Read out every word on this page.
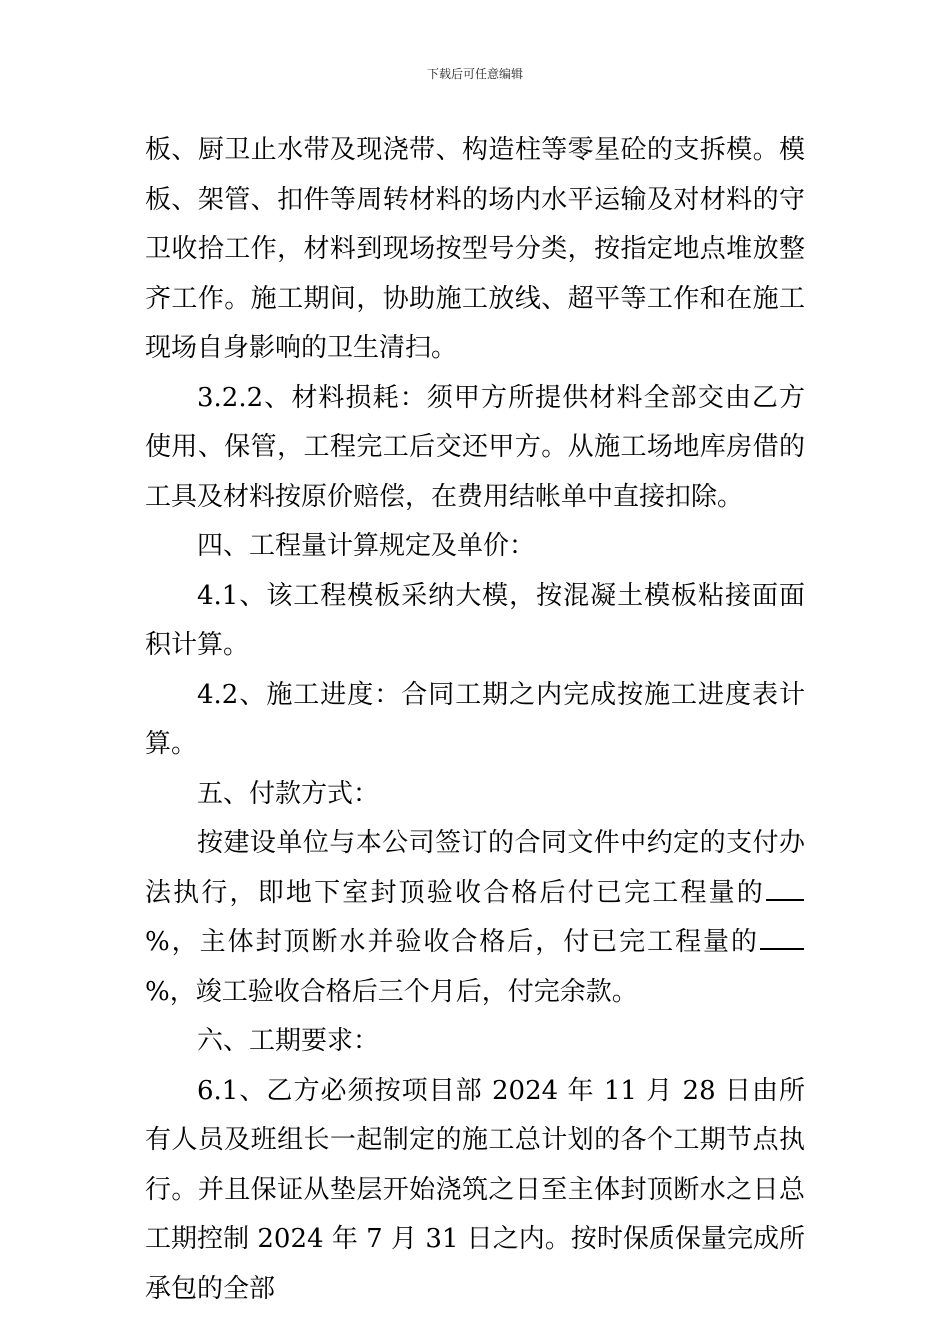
下载后可任意编辑

板、厨卫止水带及现浇带、构造柱等零星砼的支拆模。模板、架管、扣件等周转材料的场内水平运输及对材料的守卫收拾工作，材料到现场按型号分类，按指定地点堆放整齐工作。施工期间，协助施工放线、超平等工作和在施工现场自身影响的卫生清扫。

3.2.2、材料损耗：须甲方所提供材料全部交由乙方使用、保管，工程完工后交还甲方。从施工场地库房借的工具及材料按原价赔偿，在费用结帐单中直接扣除。

四、工程量计算规定及单价：

4.1、该工程模板采纳大模，按混凝土模板粘接面面积计算。

4.2、施工进度：合同工期之内完成按施工进度表计算。

五、付款方式：

按建设单位与本公司签订的合同文件中约定的支付办法执行，即地下室封顶验收合格后付已完工程量的%，主体封顶断水并验收合格后，付已完工程量的%，竣工验收合格后三个月后，付完余款。

六、工期要求：

6.1、乙方必须按项目部 2024 年 11 月 28 日由所有人员及班组长一起制定的施工总计划的各个工期节点执行。并且保证从垫层开始浇筑之日至主体封顶断水之日总工期控制 2024 年 7 月 31 日之内。按时保质保量完成所承包的全部
